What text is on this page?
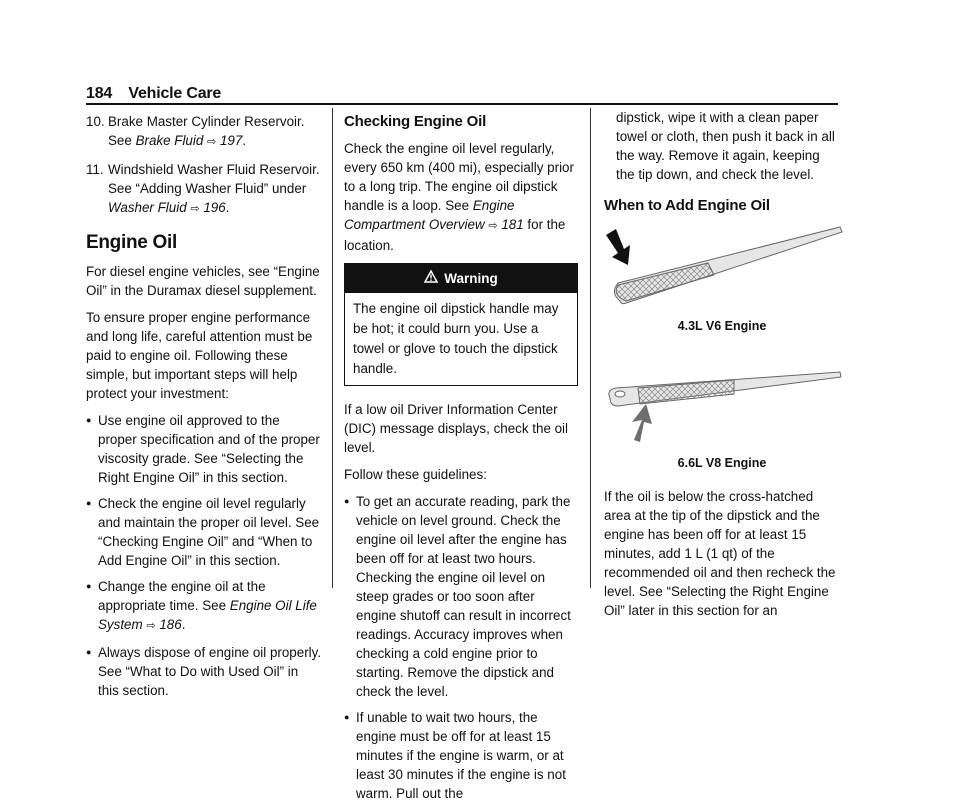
184 Vehicle Care
10. Brake Master Cylinder Reservoir. See Brake Fluid ⇨ 197.
11. Windshield Washer Fluid Reservoir. See “Adding Washer Fluid” under Washer Fluid ⇨ 196.
Engine Oil

For diesel engine vehicles, see “Engine Oil” in the Duramax diesel supplement.

To ensure proper engine performance and long life, careful attention must be paid to engine oil. Following these simple, but important steps will help protect your investment:

● Use engine oil approved to the proper specification and of the proper viscosity grade. See “Selecting the Right Engine Oil” in this section.
● Check the engine oil level regularly and maintain the proper oil level. See “Checking Engine Oil” and “When to Add Engine Oil” in this section.
● Change the engine oil at the appropriate time. See Engine Oil Life System ⇨ 186.
● Always dispose of engine oil properly. See “What to Do with Used Oil” in this section.
Checking Engine Oil

Check the engine oil level regularly, every 650 km (400 mi), especially prior to a long trip. The engine oil dipstick handle is a loop. See Engine Compartment Overview ⇨ 181 for the location.

Warning
The engine oil dipstick handle may be hot; it could burn you. Use a towel or glove to touch the dipstick handle.

If a low oil Driver Information Center (DIC) message displays, check the oil level.

Follow these guidelines:

● To get an accurate reading, park the vehicle on level ground. Check the engine oil level after the engine has been off for at least two hours. Checking the engine oil level on steep grades or too soon after engine shutoff can result in incorrect readings. Accuracy improves when checking a cold engine prior to starting. Remove the dipstick and check the level.
● If unable to wait two hours, the engine must be off for at least 15 minutes if the engine is warm, or at least 30 minutes if the engine is not warm. Pull out the

dipstick, wipe it with a clean paper towel or cloth, then push it back in all the way. Remove it again, keeping the tip down, and check the level.

When to Add Engine Oil
4.3L V6 Engine
6.6L V8 Engine

If the oil is below the cross-hatched area at the tip of the dipstick and the engine has been off for at least 15 minutes, add 1 L (1 qt) of the recommended oil and then recheck the level. See “Selecting the Right Engine Oil” later in this section for an
